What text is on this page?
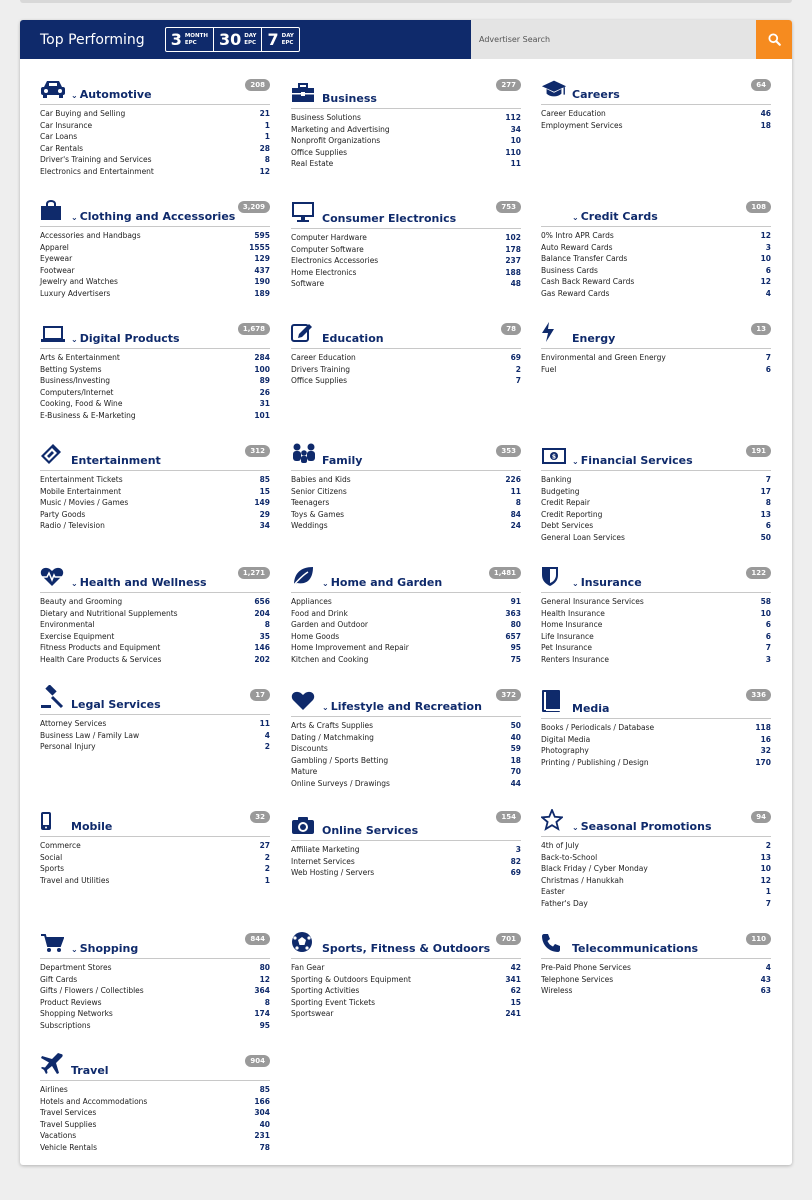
Top Performing 3 MONTH
EPC	30 DAY
EPC 7 DAY
EPC
Advertiser Search
⌄ Automotive
208
Car Buying and Selling	21
Car Insurance	1
Car Loans	1
Car Rentals	28
Driver's Training and Services	8
Electronics and Entertainment	12
Business
277
Business Solutions	112
Marketing and Advertising	34
Nonprofit Organizations	10
Office Supplies	110
Real Estate	11
Careers
64
Career Education	46
Employment Services	18
⌄ Clothing and Accessories
3,209
Accessories and Handbags	595
Apparel	1555
Eyewear	129
Footwear	437
Jewelry and Watches	190
Luxury Advertisers	189
Consumer Electronics
753
Computer Hardware	102
Computer Software	178
Electronics Accessories	237
Home Electronics	188
Software	48
⌄ Credit Cards
108
0% Intro APR Cards	12
Auto Reward Cards	3
Balance Transfer Cards	10
Business Cards	6
Cash Back Reward Cards	12
Gas Reward Cards	4
⌄ Digital Products
1,678
Arts & Entertainment	284
Betting Systems	100
Business/Investing	89
Computers/Internet	26
Cooking, Food & Wine	31
E-Business & E-Marketing	101
Education
78
Career Education	69
Drivers Training	2
Office Supplies	7
Energy
13
Environmental and Green Energy	7
Fuel	6
Entertainment
312
Entertainment Tickets	85
Mobile Entertainment	15
Music / Movies / Games	149
Party Goods	29
Radio / Television	34
Family
353
Babies and Kids	226
Senior Citizens	11
Teenagers	8
Toys & Games	84
Weddings	24
$ ⌄ Financial Services
191
Banking	7
Budgeting	17
Credit Repair	8
Credit Reporting	13
Debt Services	6
General Loan Services	50
⌄ Health and Wellness
1,271
Beauty and Grooming	656
Dietary and Nutritional Supplements	204
Environmental	8
Exercise Equipment	35
Fitness Products and Equipment	146
Health Care Products & Services	202
⌄ Home and Garden
1,481
Appliances	91
Food and Drink	363
Garden and Outdoor	80
Home Goods	657
Home Improvement and Repair	95
Kitchen and Cooking	75
⌄ Insurance
122
General Insurance Services	58
Health Insurance	10
Home Insurance	6
Life Insurance	6
Pet Insurance	7
Renters Insurance	3
Legal Services
17
Attorney Services	11
Business Law / Family Law	4
Personal Injury	2
⌄ Lifestyle and Recreation
372
Arts & Crafts Supplies	50
Dating / Matchmaking	40
Discounts	59
Gambling / Sports Betting	18
Mature	70
Online Surveys / Drawings	44
Media
336
Books / Periodicals / Database	118
Digital Media	16
Photography	32
Printing / Publishing / Design	170
Mobile
32
Commerce	27
Social	2
Sports	2
Travel and Utilities	1
Online Services
154
Affiliate Marketing	3
Internet Services	82
Web Hosting / Servers	69
⌄ Seasonal Promotions
94
4th of July	2
Back-to-School	13
Black Friday / Cyber Monday	10
Christmas / Hanukkah	12
Easter	1
Father's Day	7
⌄ Shopping
844
Department Stores	80
Gift Cards	12
Gifts / Flowers / Collectibles	364
Product Reviews	8
Shopping Networks	174
Subscriptions	95
Sports, Fitness & Outdoors
701
Fan Gear	42
Sporting & Outdoors Equipment	341
Sporting Activities	62
Sporting Event Tickets	15
Sportswear	241
Telecommunications
110
Pre-Paid Phone Services	4
Telephone Services	43
Wireless	63
Travel
904
Airlines	85
Hotels and Accommodations	166
Travel Services	304
Travel Supplies	40
Vacations	231
Vehicle Rentals	78
